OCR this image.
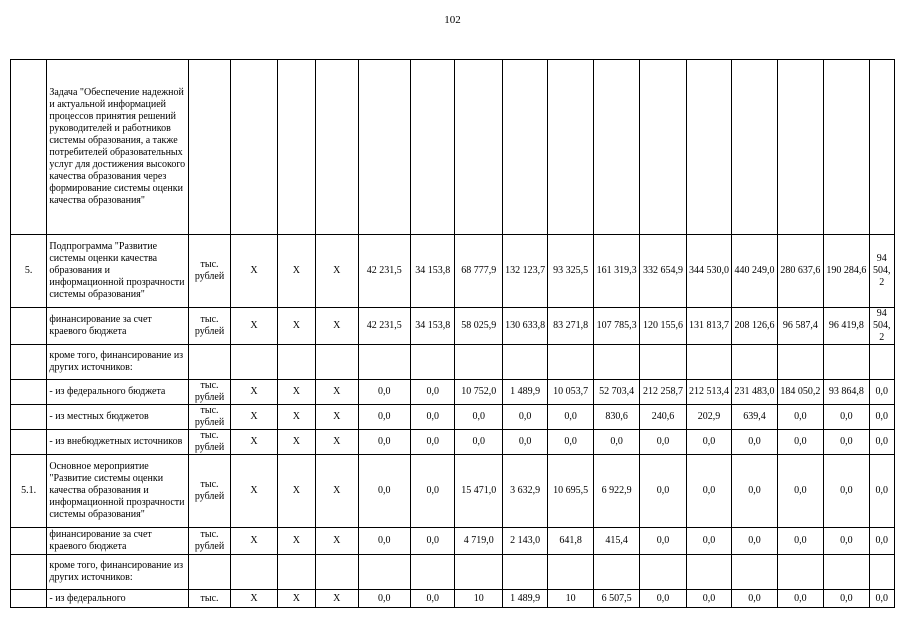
102
	Задача "Обеспечение надежной и актуальной информацией процессов принятия решений руководителей и работников системы образования, а также потребителей образовательных услуг для достижения высокого качества образования через формирование системы оценки качества образования"																
5.	Подпрограмма "Развитие системы оценки качества образования и информационной прозрачности системы образования"	тыс. рублей	X	X	X	42 231,5	34 153,8	68 777,9	132 123,7	93 325,5	161 319,3	332 654,9	344 530,0	440 249,0	280 637,6	190 284,6	94 504,2
	финансирование за счет краевого бюджета	тыс. рублей	X	X	X	42 231,5	34 153,8	58 025,9	130 633,8	83 271,8	107 785,3	120 155,6	131 813,7	208 126,6	96 587,4	96 419,8	94 504,2
	кроме того, финансирование из других источников:																
	- из федерального бюджета	тыс. рублей	X	X	X	0,0	0,0	10 752,0	1 489,9	10 053,7	52 703,4	212 258,7	212 513,4	231 483,0	184 050,2	93 864,8	0,0
	- из местных бюджетов	тыс. рублей	X	X	X	0,0	0,0	0,0	0,0	0,0	830,6	240,6	202,9	639,4	0,0	0,0	0,0
	- из внебюджетных источников	тыс. рублей	X	X	X	0,0	0,0	0,0	0,0	0,0	0,0	0,0	0,0	0,0	0,0	0,0	0,0
5.1.	Основное мероприятие "Развитие системы оценки качества образования и информационной прозрачности системы образования"	тыс. рублей	X	X	X	0,0	0,0	15 471,0	3 632,9	10 695,5	6 922,9	0,0	0,0	0,0	0,0	0,0	0,0
	финансирование за счет краевого бюджета	тыс. рублей	X	X	X	0,0	0,0	4 719,0	2 143,0	641,8	415,4	0,0	0,0	0,0	0,0	0,0	0,0
	кроме того, финансирование из других источников:																
	- из федерального	тыс.	X	X	X	0,0	0,0	10	1 489,9	10	6 507,5	0,0	0,0	0,0	0,0	0,0	0,0
